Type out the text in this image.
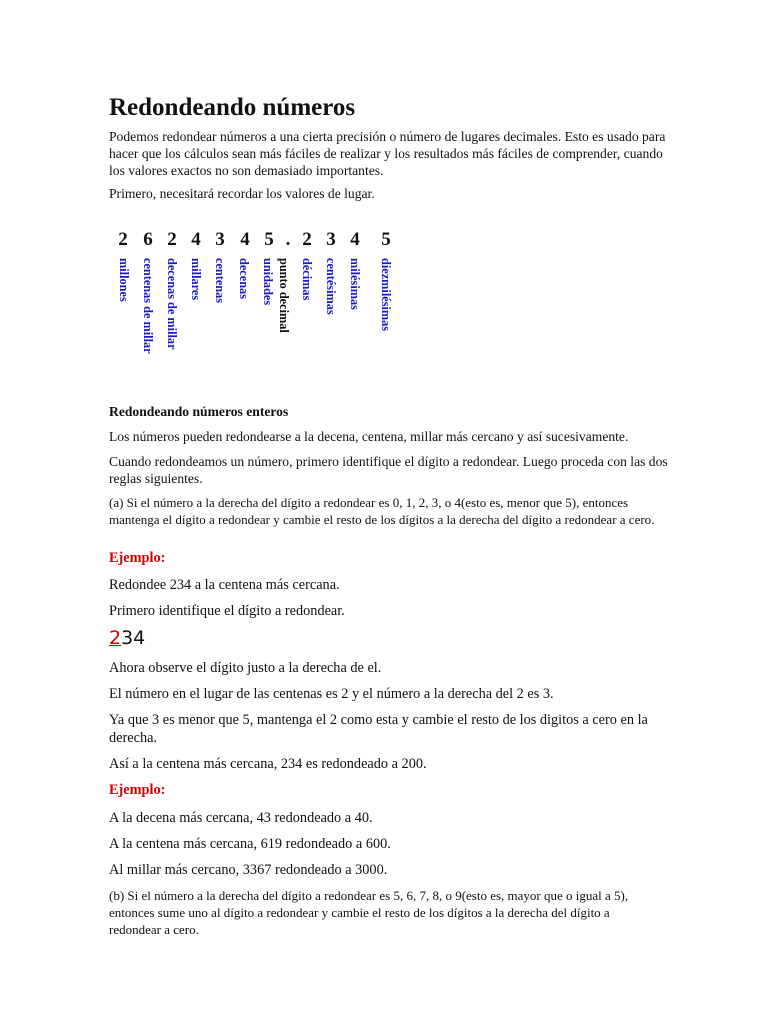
Redondeando números

Podemos redondear números a una cierta precisión o número de lugares decimales. Esto es usado para hacer que los cálculos sean más fáciles de realizar y los resultados más fáciles de comprender, cuando los valores exactos no son demasiado importantes.

Primero, necesitará recordar los valores de lugar.

2 6 2 4 3 4 5 . 2 3 4 5
millones centenas de millar decenas de millar millares centenas decenas unidades punto decimal décimas centésimas milésimas diezmilésimas

Redondeando números enteros

Los números pueden redondearse a la decena, centena, millar más cercano y así sucesivamente.

Cuando redondeamos un número, primero identifique el dígito a redondear. Luego proceda con las dos reglas siguientes.

(a) Si el número a la derecha del dígito a redondear es 0, 1, 2, 3, o 4(esto es, menor que 5), entonces mantenga el dígito a redondear y cambie el resto de los dígitos a la derecha del dígito a redondear a cero.

Ejemplo:

Redondee 234 a la centena más cercana.

Primero identifique el dígito a redondear.

234

Ahora observe el dígito justo a la derecha de el.

El número en el lugar de las centenas es 2 y el número a la derecha del 2 es 3.

Ya que 3 es menor que 5, mantenga el 2 como esta y cambie el resto de los digitos a cero en la derecha.

Así a la centena más cercana, 234 es redondeado a 200.

Ejemplo:

A la decena más cercana, 43 redondeado a 40.

A la centena más cercana, 619 redondeado a 600.

Al millar más cercano, 3367 redondeado a 3000.

(b) Si el número a la derecha del dígito a redondear es 5, 6, 7, 8, o 9(esto es, mayor que o igual a 5), entonces sume uno al dígito a redondear y cambie el resto de los dígitos a la derecha del dígito a redondear a cero.
